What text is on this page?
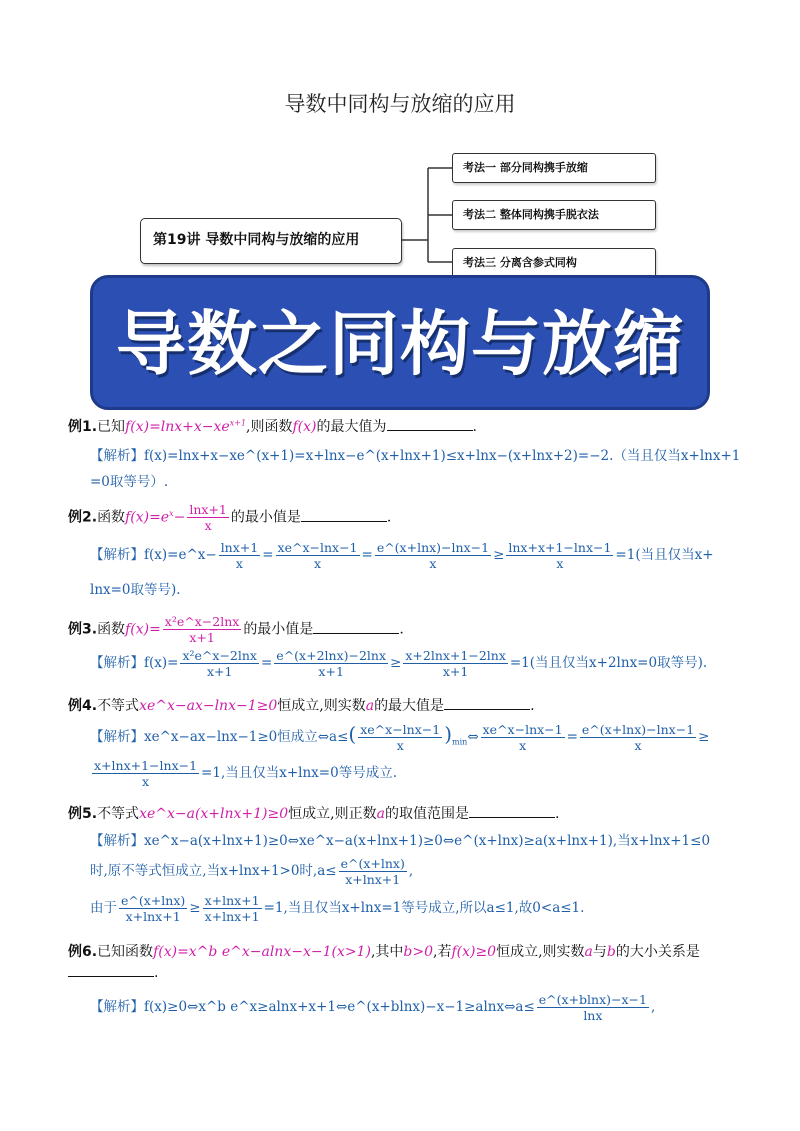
导数中同构与放缩的应用
第19讲 导数中同构与放缩的应用
考法一 部分同构携手放缩
考法二 整体同构携手脱衣法
考法三 分离含参式同构
导数之同构与放缩
例1.已知$f(x)=\ln x+x-xe^{x+1}$,则函数f(x)的最大值为	.
【解析】f(x)=lnx+x−xe^(x+1)=x+lnx−e^(x+lnx+1)≤x+lnx−(x+lnx+2)=−2.（当且仅当x+lnx+1
=0取等号）.
例2.函数$f(x)=e^x- \frac{\ln x+1}{x}$ 的最小值是	.
【解析】f(x)=e^x− $\frac{\ln x+1}{x} = \frac{xe\^{}x-\ln x-1}{x} = \frac{e\^{}(x+\ln x)-\ln x-1}{x} \ge \frac{\ln x+x+1-\ln x-1}{x} =1$(当且仅当x+
lnx=0取等号).
例3.函数$f(x)= \frac{\text{x²e\textasciicircum{}x−2lnx}}{x+1}$ 的最小值是	.
【解析】$f(x)= \frac{\text{x²e\textasciicircum{}x−2lnx}}{x+1} = \frac{e\^{}(x+2\ln x)-2\ln x}{x+1} \ge \frac{x+2\ln x+1-2\ln x}{x+1} =1$(当且仅当x+2lnx=0取等号).
例4.不等式xe^x−ax−lnx−1≥0恒成立,则实数a的最大值是	.
【解析】xe^x−ax−lnx−1≥0恒成立⇔a≤( $\frac{xe\^{}x-\ln x-1}{x}$ )$_{min}\Leftrightarrow \frac{xe\^{}x-\ln x-1}{x} = \frac{e\^{}(x+\ln x)-\ln x-1}{x}$ ≥
$\frac{x+\ln x+1-\ln x-1}{x} =1$,当且仅当x+lnx=0等号成立.
例5.不等式xe^x−a(x+lnx+1)≥0恒成立,则正数a的取值范围是	.
【解析】xe^x−a(x+lnx+1)≥0⇔xe^x−a(x+lnx+1)≥0⇔e^(x+lnx)≥a(x+lnx+1),当x+lnx+1≤0
时,原不等式恒成立,当x+lnx+1>0时$,a\le \frac{e\^{}(x+\ln x)}{x+\ln x+1}$ ,
由于 $\frac{e\^{}(x+\ln x)}{x+\ln x+1} \ge \frac{x+\ln x+1}{x+\ln x+1} =1$,当且仅当x+lnx=1等号成立,所以a≤1,故0<a≤1.
例6.已知函数f(x)=x^b e^x−alnx−x−1(x>1),其中b>0,若f(x)≥0恒成立,则实数a与b的大小关系是
.
【解析】f(x)≥0⇔x^b e^x≥alnx+x+1⇔e^(x+blnx)−x−1≥alnx⇔a≤ $\frac{e\^{}(x+blnx)-x-1}{\ln x}$ ,
